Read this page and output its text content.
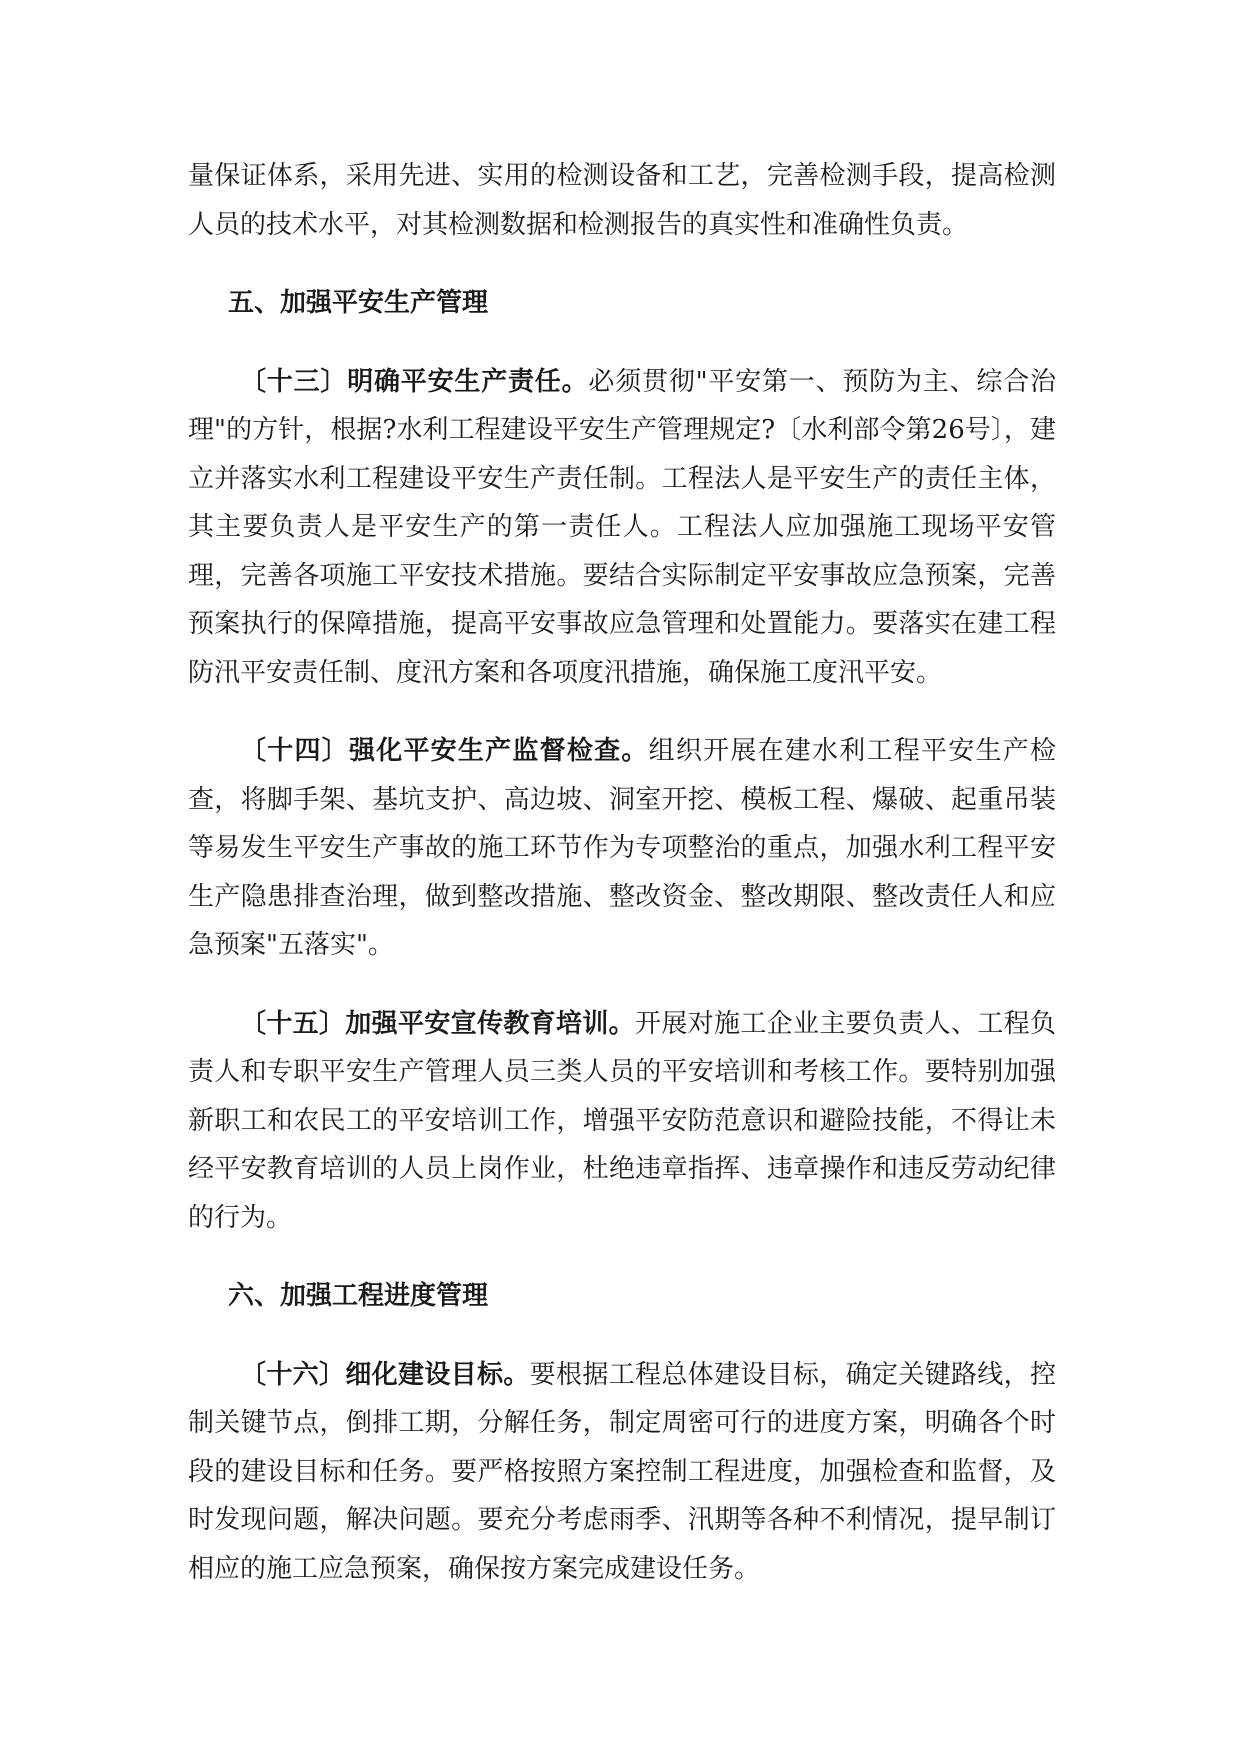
量保证体系，采用先进、实用的检测设备和工艺，完善检测手段，提高检测人员的技术水平，对其检测数据和检测报告的真实性和准确性负责。

五、加强平安生产管理

〔十三〕明确平安生产责任。必须贯彻"平安第一、预防为主、综合治理"的方针，根据?水利工程建设平安生产管理规定?〔水利部令第26号〕，建立并落实水利工程建设平安生产责任制。工程法人是平安生产的责任主体，其主要负责人是平安生产的第一责任人。工程法人应加强施工现场平安管理，完善各项施工平安技术措施。要结合实际制定平安事故应急预案，完善预案执行的保障措施，提高平安事故应急管理和处置能力。要落实在建工程防汛平安责任制、度汛方案和各项度汛措施，确保施工度汛平安。

〔十四〕强化平安生产监督检查。组织开展在建水利工程平安生产检查，将脚手架、基坑支护、高边坡、洞室开挖、模板工程、爆破、起重吊装等易发生平安生产事故的施工环节作为专项整治的重点，加强水利工程平安生产隐患排查治理，做到整改措施、整改资金、整改期限、整改责任人和应急预案"五落实"。

〔十五〕加强平安宣传教育培训。开展对施工企业主要负责人、工程负责人和专职平安生产管理人员三类人员的平安培训和考核工作。要特别加强新职工和农民工的平安培训工作，增强平安防范意识和避险技能，不得让未经平安教育培训的人员上岗作业，杜绝违章指挥、违章操作和违反劳动纪律的行为。

六、加强工程进度管理

〔十六〕细化建设目标。要根据工程总体建设目标，确定关键路线，控制关键节点，倒排工期，分解任务，制定周密可行的进度方案，明确各个时段的建设目标和任务。要严格按照方案控制工程进度，加强检查和监督，及时发现问题，解决问题。要充分考虑雨季、汛期等各种不利情况，提早制订相应的施工应急预案，确保按方案完成建设任务。
